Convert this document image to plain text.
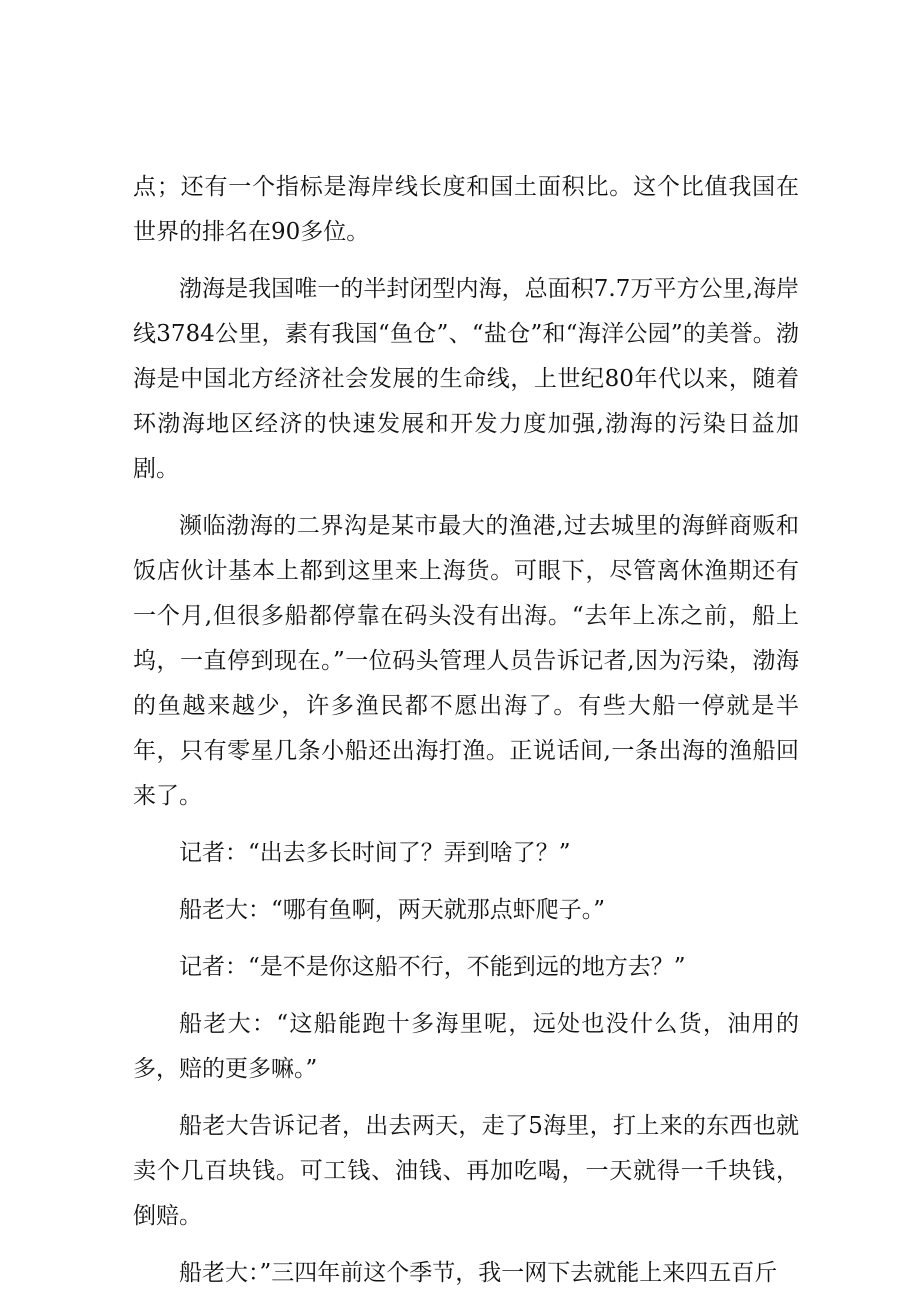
点；还有一个指标是海岸线长度和国土面积比。这个比值我国在世界的排名在90多位。

渤海是我国唯一的半封闭型内海，总面积7.7万平方公里,海岸线3784公里，素有我国“鱼仓”、“盐仓”和“海洋公园”的美誉。渤海是中国北方经济社会发展的生命线，上世纪80年代以来，随着环渤海地区经济的快速发展和开发力度加强,渤海的污染日益加剧。

濒临渤海的二界沟是某市最大的渔港,过去城里的海鲜商贩和饭店伙计基本上都到这里来上海货。可眼下，尽管离休渔期还有一个月,但很多船都停靠在码头没有出海。“去年上冻之前，船上坞，一直停到现在。”一位码头管理人员告诉记者,因为污染，渤海的鱼越来越少，许多渔民都不愿出海了。有些大船一停就是半年，只有零星几条小船还出海打渔。正说话间,一条出海的渔船回来了。

记者：“出去多长时间了？弄到啥了？”

船老大：“哪有鱼啊，两天就那点虾爬子。”

记者：“是不是你这船不行，不能到远的地方去？”

船老大：“这船能跑十多海里呢，远处也没什么货，油用的多，赔的更多嘛。”

船老大告诉记者，出去两天，走了5海里，打上来的东西也就卖个几百块钱。可工钱、油钱、再加吃喝，一天就得一千块钱，倒赔。

船老大：”三四年前这个季节，我一网下去就能上来四五百斤
